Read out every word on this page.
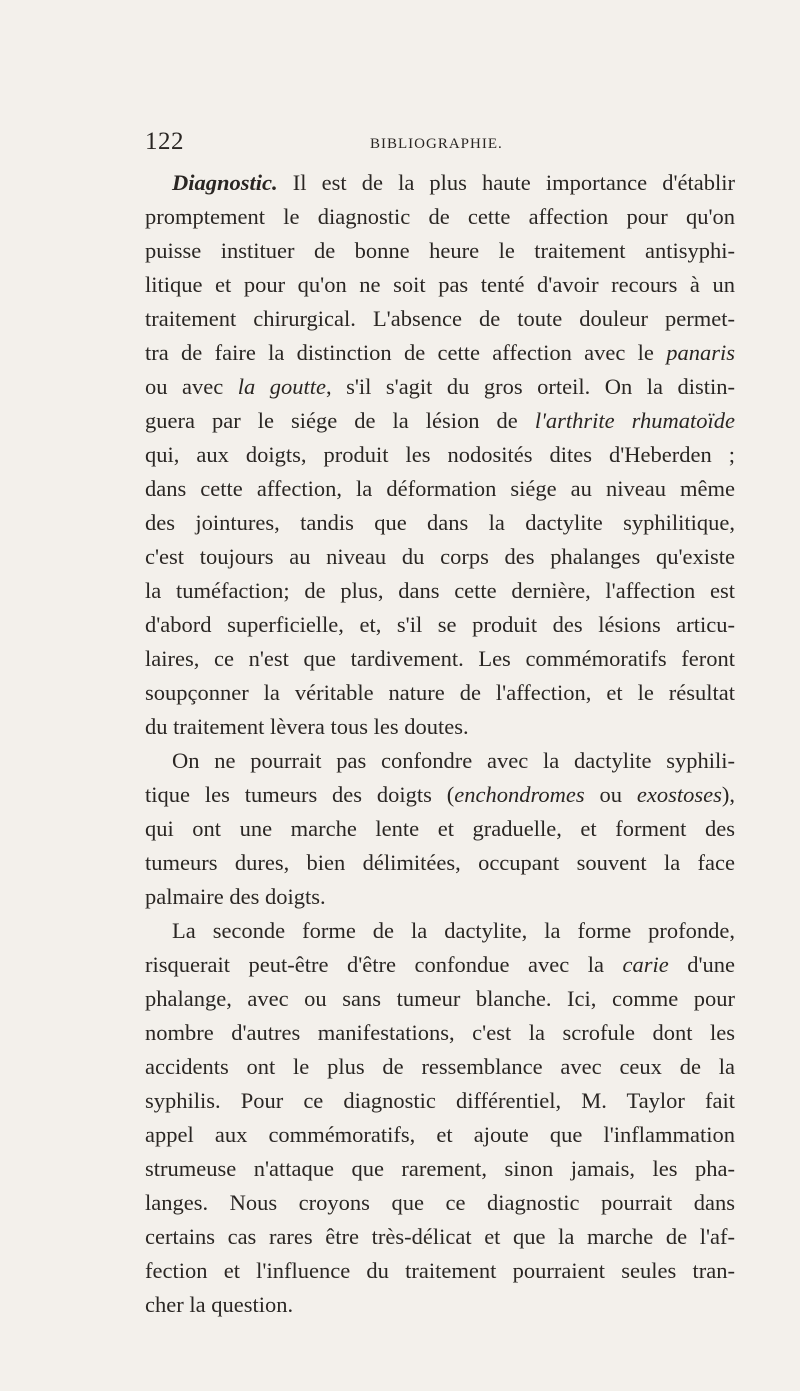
122	BIBLIOGRAPHIE.
Diagnostic. Il est de la plus haute importance d'établir
promptement le diagnostic de cette affection pour qu'on
puisse instituer de bonne heure le traitement antisyphi-
litique et pour qu'on ne soit pas tenté d'avoir recours à un
traitement chirurgical. L'absence de toute douleur permet-
tra de faire la distinction de cette affection avec le panaris
ou avec la goutte, s'il s'agit du gros orteil. On la distin-
guera par le siége de la lésion de l'arthrite rhumatoïde
qui, aux doigts, produit les nodosités dites d'Heberden ;
dans cette affection, la déformation siége au niveau même
des jointures, tandis que dans la dactylite syphilitique,
c'est toujours au niveau du corps des phalanges qu'existe
la tuméfaction; de plus, dans cette dernière, l'affection est
d'abord superficielle, et, s'il se produit des lésions articu-
laires, ce n'est que tardivement. Les commémoratifs feront
soupçonner la véritable nature de l'affection, et le résultat
du traitement lèvera tous les doutes.
On ne pourrait pas confondre avec la dactylite syphili-
tique les tumeurs des doigts (enchondromes ou exostoses),
qui ont une marche lente et graduelle, et forment des
tumeurs dures, bien délimitées, occupant souvent la face
palmaire des doigts.
La seconde forme de la dactylite, la forme profonde,
risquerait peut-être d'être confondue avec la carie d'une
phalange, avec ou sans tumeur blanche. Ici, comme pour
nombre d'autres manifestations, c'est la scrofule dont les
accidents ont le plus de ressemblance avec ceux de la
syphilis. Pour ce diagnostic différentiel, M. Taylor fait
appel aux commémoratifs, et ajoute que l'inflammation
strumeuse n'attaque que rarement, sinon jamais, les pha-
langes. Nous croyons que ce diagnostic pourrait dans
certains cas rares être très-délicat et que la marche de l'af-
fection et l'influence du traitement pourraient seules tran-
cher la question.
